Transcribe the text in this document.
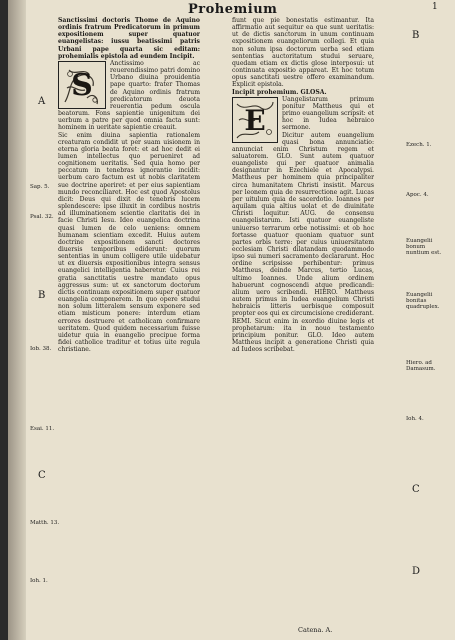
Prohemium	1

Sanctissimi doctoris Thome de Aquino ordinis fratrum Predicatorum in primum expositionem super quatuor euangelistas: iussu beatissimi patris Urbani pape quarta sic editam: prohemialis epistola ad eundem Incipit.

S

Anctissimo ac reuerendissimo patri domino Urbano diuina prouidentia pape quarto: frater Thomas de Aquino ordinis fratrum predicatorum deuota reuerentia pedum oscula beatorum. Fons sapientie unigenitum dei uerbum a patre per quod omnia facta sunt: hominem in ueritate sapientie creauit.

Sic enim diuina sapientia rationalem creaturam condidit ut per suam uisionem in eterna gloria beata foret: et ad hoc dedit ei lumen intellectus quo perueniret ad cognitionem ueritatis. Sed quia homo per peccatum in tenebras ignorantie incidit: uerbum caro factum est ut nobis claritatem sue doctrine aperiret: et per eius sapientiam mundo reconciliaret. Hoc est quod Apostolus dicit: Deus qui dixit de tenebris lucem splendescere: ipse illuxit in cordibus nostris ad illuminationem scientie claritatis dei in facie Christi Iesu. Ideo euangelica doctrina quasi lumen de celo ueniens: omnem humanam scientiam excedit. Huius autem doctrine expositionem sancti doctores diuersis temporibus ediderunt: quorum sententias in unum colligere utile uidebatur ut ex diuersis expositionibus integra sensus euangelici intelligentia haberetur. Cuius rei gratia sanctitatis uestre mandato opus aggressus sum: ut ex sanctorum doctorum dictis continuam expositionem super quatuor euangelia componerem. In quo opere studui non solum litteralem sensum exponere sed etiam misticum ponere: interdum etiam errores destruere et catholicam confirmare ueritatem. Quod quidem necessarium fuisse uidetur quia in euangelio precipue forma fidei catholice traditur et totius uite regula christiane.

fiunt que pie bonestatis estimantur. Ita affirmatio aut sequitur ea que sunt ueritatis: ut de dictis sanctorum in unum continuam expositionem euangeliorum collegi. Et quia non solum ipsa doctorum uerba sed etiam sententias auctoritatum studui seruare, quedam etiam ex dictis glose interposui: ut continuata expositio appareat. Et hoc totum opus sanctitati uestre offero examinandum. Explicit epistola.

Incipit prohemium. GLOSA.

E

Uangelistarum primum ponitur Mattheus qui et primo euangelium scripsit: et hoc in Iudea hebraico sermone.

Dicitur autem euangelium quasi bona annunciatio: annunciat enim Christum regem et saluatorem. GLO. Sunt autem quatuor euangeliste qui per quatuor animalia designantur in Ezechiele et Apocalypsi. Mattheus per hominem quia principaliter circa humanitatem Christi insistit. Marcus per leonem quia de resurrectione agit. Lucas per uitulum quia de sacerdotio. Ioannes per aquilam quia altius uolat et de diuinitate Christi loquitur. AUG. de consensu euangelistarum. Isti quatuor euangeliste uniuerso terrarum orbe notissimi: et ob hoc fortasse quatuor quoniam quatuor sunt partes orbis terre: per cuius uniuersitatem ecclesiam Christi dilatandam quodammodo ipso sui numeri sacramento declararunt. Hoc ordine scripsisse perhibentur: primus Mattheus, deinde Marcus, tertio Lucas, ultimo Ioannes. Unde alium ordinem habuerunt cognoscendi atque predicandi: alium uero scribendi. HIERO. Mattheus autem primus in Iudea euangelium Christi hebraicis litteris uerbisque composuit propter eos qui ex circumcisione crediderant. REMI. Sicut enim in exordio diuine legis et prophetarum: ita in nouo testamento principium ponitur. GLO. Ideo autem Mattheus incipit a generatione Christi quia ad Iudeos scribebat.

A
B
C
Sap. 5.
Psal. 32.
Iob. 38.
Esai. 11.
Matth. 13.
Ioh. 1.
B
C
D
Ezech. 1.
Apoc. 4.
Euangelii bonum nuntium est.
Euangelii bonitas quadruplex.
Hiero. ad Damasum.
Ioh. 4.
Catena. A.
